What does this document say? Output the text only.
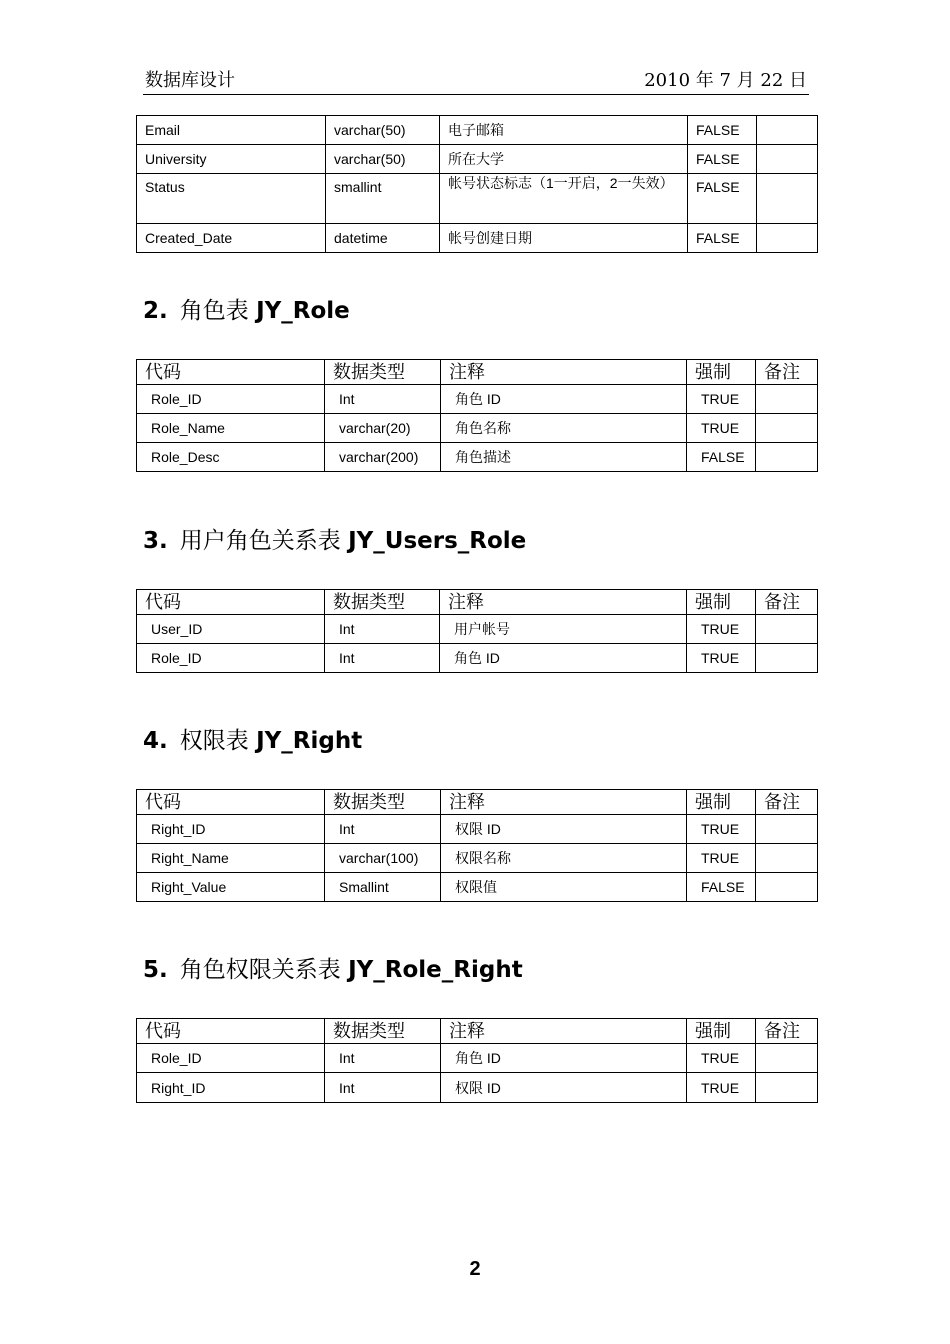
数据库设计	2010 年 7 月 22 日
Email	varchar(50)	电子邮箱	FALSE	
University	varchar(50)	所在大学	FALSE	
Status	smallint	帐号状态标志（1一开启，2一失效）	FALSE	
Created_Date	datetime	帐号创建日期	FALSE	
2. 角色表 JY_Role
代码	数据类型	注释	强制	备注
Role_ID	Int	角色 ID	TRUE	
Role_Name	varchar(20)	角色名称	TRUE	
Role_Desc	varchar(200)	角色描述	FALSE	
3. 用户角色关系表 JY_Users_Role
代码	数据类型	注释	强制	备注
User_ID	Int	用户帐号	TRUE	
Role_ID	Int	角色 ID	TRUE	
4. 权限表 JY_Right
代码	数据类型	注释	强制	备注
Right_ID	Int	权限 ID	TRUE	
Right_Name	varchar(100)	权限名称	TRUE	
Right_Value	Smallint	权限值	FALSE	
5. 角色权限关系表 JY_Role_Right
代码	数据类型	注释	强制	备注
Role_ID	Int	角色 ID	TRUE	
Right_ID	Int	权限 ID	TRUE	
2
